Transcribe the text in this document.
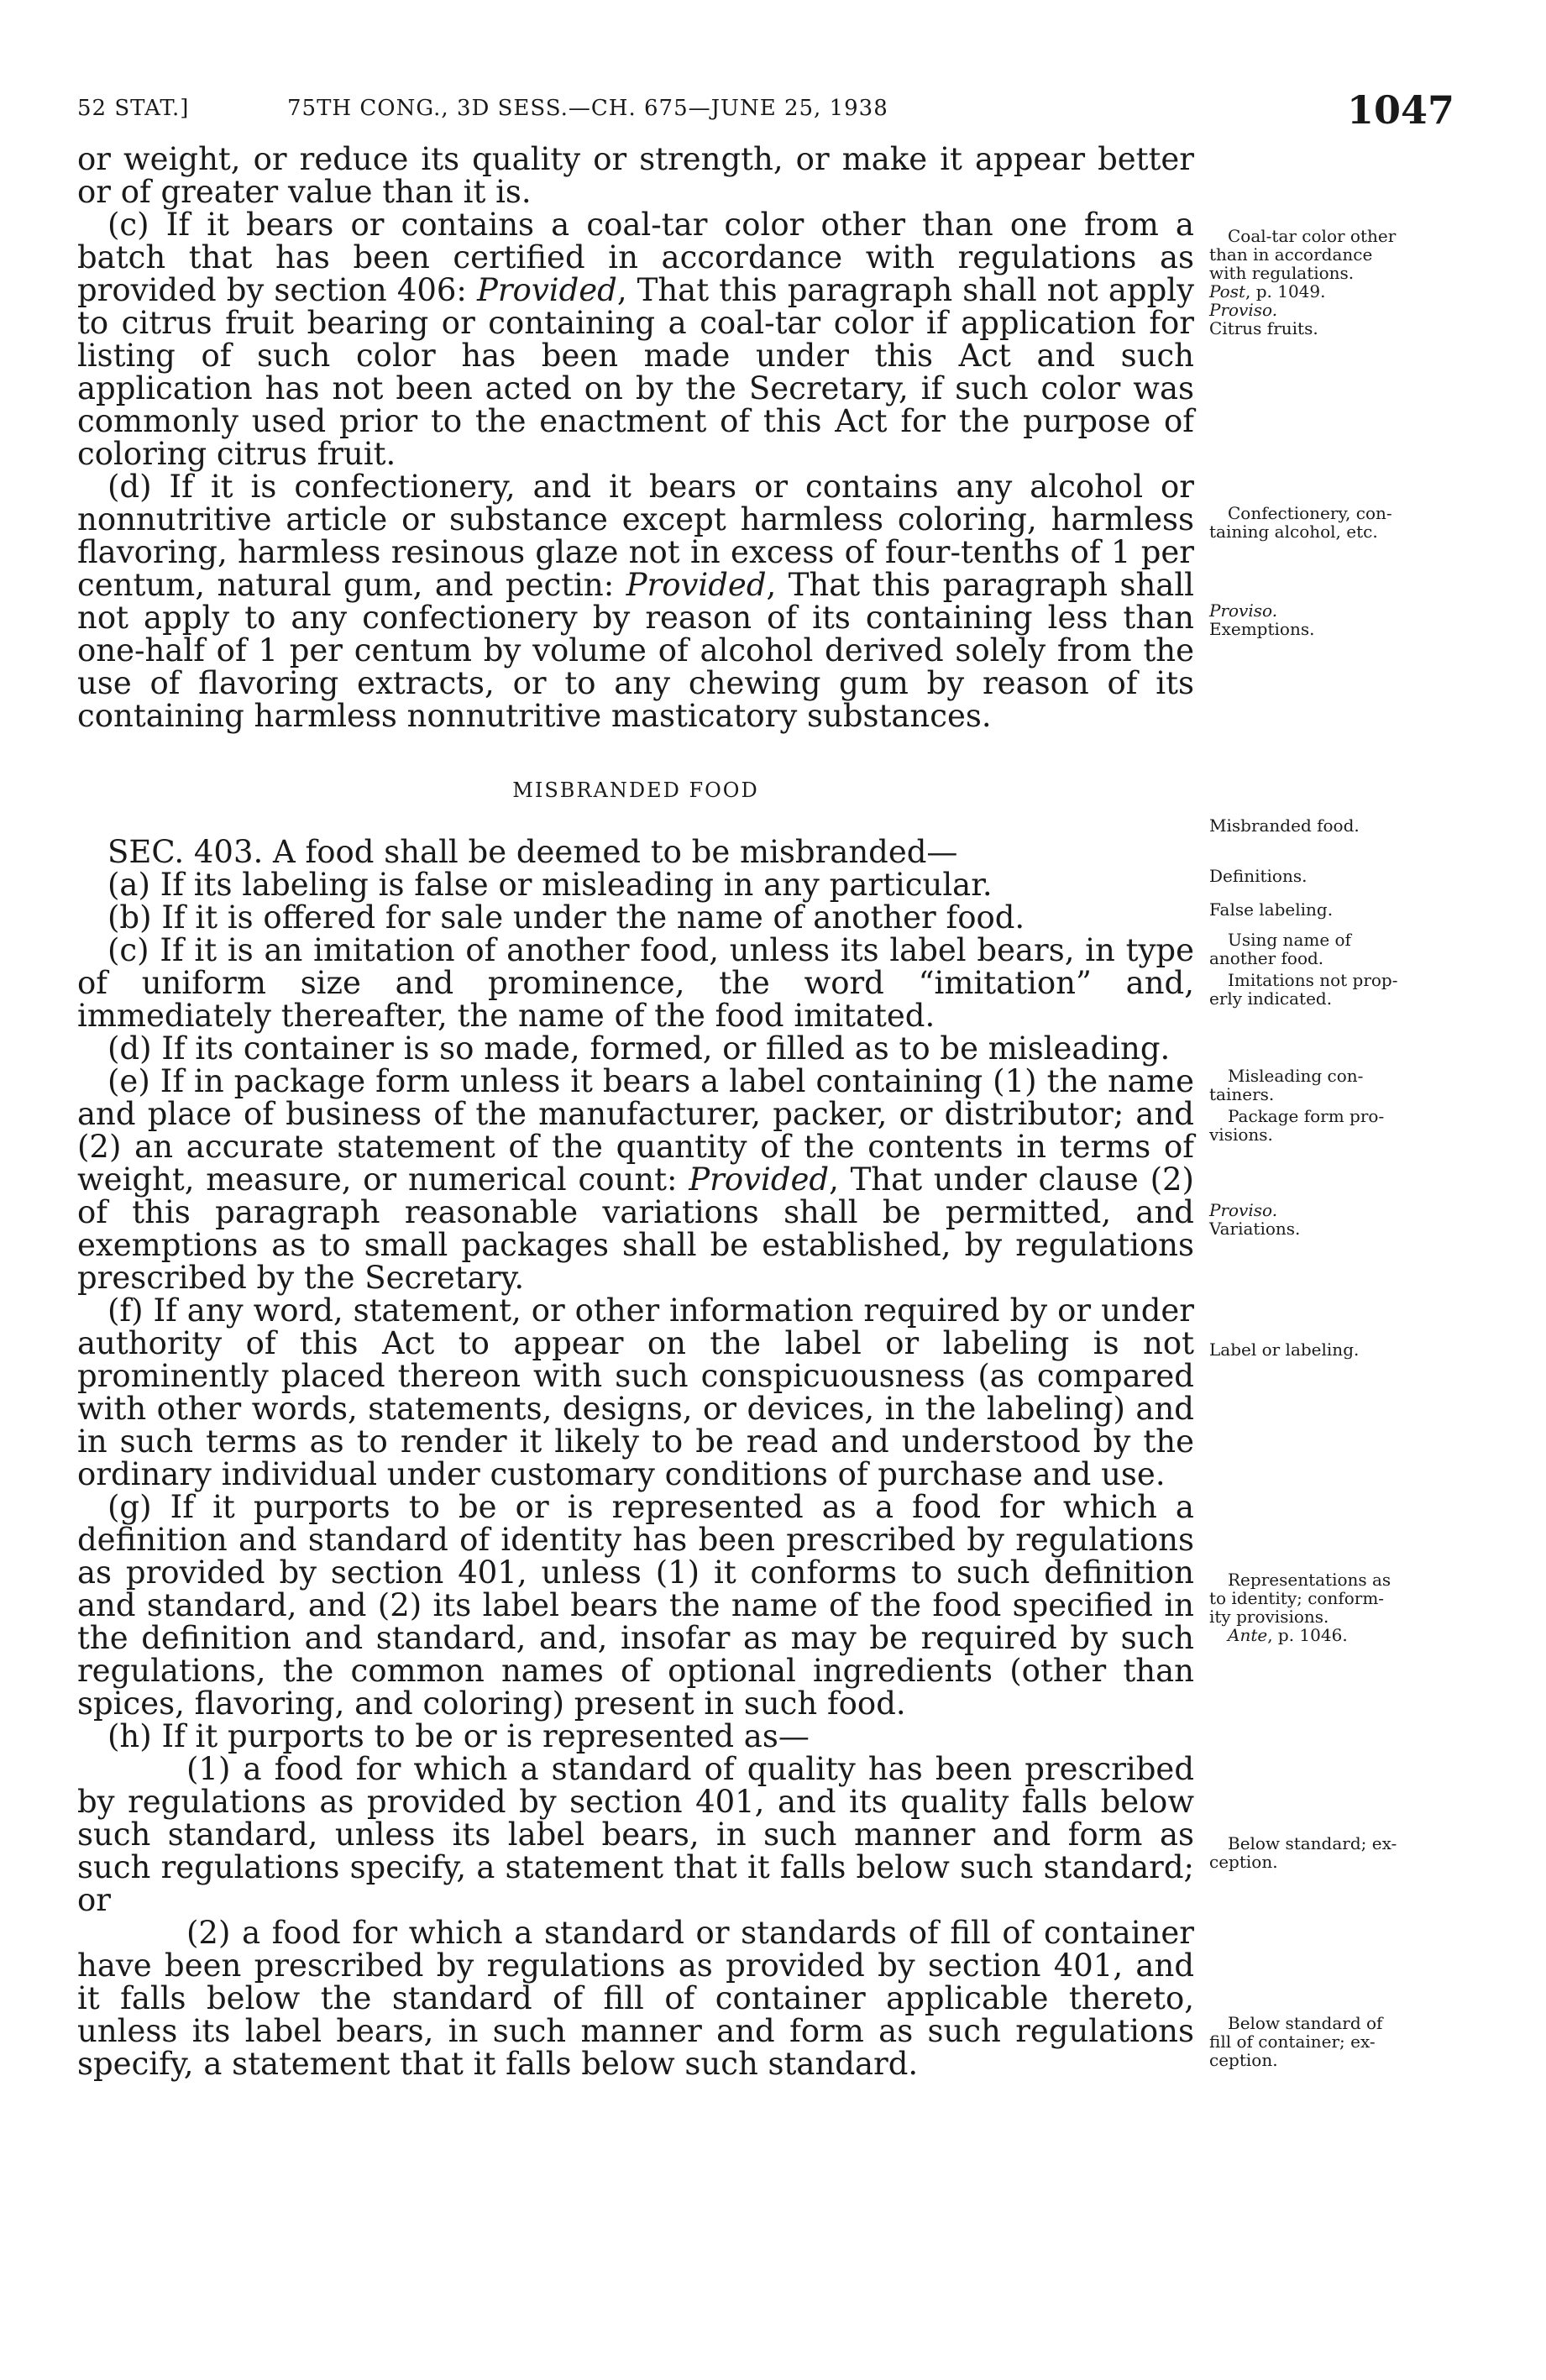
52 STAT.]	75TH CONG., 3D SESS.—CH. 675—JUNE 25, 1938	1047

or weight, or reduce its quality or strength, or make it appear better or of greater value than it is.

(c) If it bears or contains a coal-tar color other than one from a batch that has been certified in accordance with regulations as provided by section 406: Provided, That this paragraph shall not apply to citrus fruit bearing or containing a coal-tar color if application for listing of such color has been made under this Act and such application has not been acted on by the Secretary, if such color was commonly used prior to the enactment of this Act for the purpose of coloring citrus fruit.

(d) If it is confectionery, and it bears or contains any alcohol or nonnutritive article or substance except harmless coloring, harmless flavoring, harmless resinous glaze not in excess of four-tenths of 1 per centum, natural gum, and pectin: Provided, That this paragraph shall not apply to any confectionery by reason of its containing less than one-half of 1 per centum by volume of alcohol derived solely from the use of flavoring extracts, or to any chewing gum by reason of its containing harmless nonnutritive masticatory substances.

MISBRANDED FOOD

SEC. 403. A food shall be deemed to be misbranded—

(a) If its labeling is false or misleading in any particular.

(b) If it is offered for sale under the name of another food.

(c) If it is an imitation of another food, unless its label bears, in type of uniform size and prominence, the word “imitation” and, immediately thereafter, the name of the food imitated.

(d) If its container is so made, formed, or filled as to be misleading.

(e) If in package form unless it bears a label containing (1) the name and place of business of the manufacturer, packer, or distributor; and (2) an accurate statement of the quantity of the contents in terms of weight, measure, or numerical count: Provided, That under clause (2) of this paragraph reasonable variations shall be permitted, and exemptions as to small packages shall be established, by regulations prescribed by the Secretary.

(f) If any word, statement, or other information required by or under authority of this Act to appear on the label or labeling is not prominently placed thereon with such conspicuousness (as compared with other words, statements, designs, or devices, in the labeling) and in such terms as to render it likely to be read and understood by the ordinary individual under customary conditions of purchase and use.

(g) If it purports to be or is represented as a food for which a definition and standard of identity has been prescribed by regulations as provided by section 401, unless (1) it conforms to such definition and standard, and (2) its label bears the name of the food specified in the definition and standard, and, insofar as may be required by such regulations, the common names of optional ingredients (other than spices, flavoring, and coloring) present in such food.

(h) If it purports to be or is represented as—

(1) a food for which a standard of quality has been prescribed by regulations as provided by section 401, and its quality falls below such standard, unless its label bears, in such manner and form as such regulations specify, a statement that it falls below such standard; or

(2) a food for which a standard or standards of fill of container have been prescribed by regulations as provided by section 401, and it falls below the standard of fill of container applicable thereto, unless its label bears, in such manner and form as such regulations specify, a statement that it falls below such standard.

Coal-tar color other
than in accordance
with regulations.
Post, p. 1049.
Proviso.
Citrus fruits.
Confectionery, con-
taining alcohol, etc.
Proviso.
Exemptions.
Misbranded food.
Definitions.
False labeling.
Using name of
another food.
Imitations not prop-
erly indicated.
Misleading con-
tainers.
Package form pro-
visions.
Proviso.
Variations.
Label or labeling.
Representations as
to identity; conform-
ity provisions.
Ante, p. 1046.
Below standard; ex-
ception.
Below standard of
fill of container; ex-
ception.
